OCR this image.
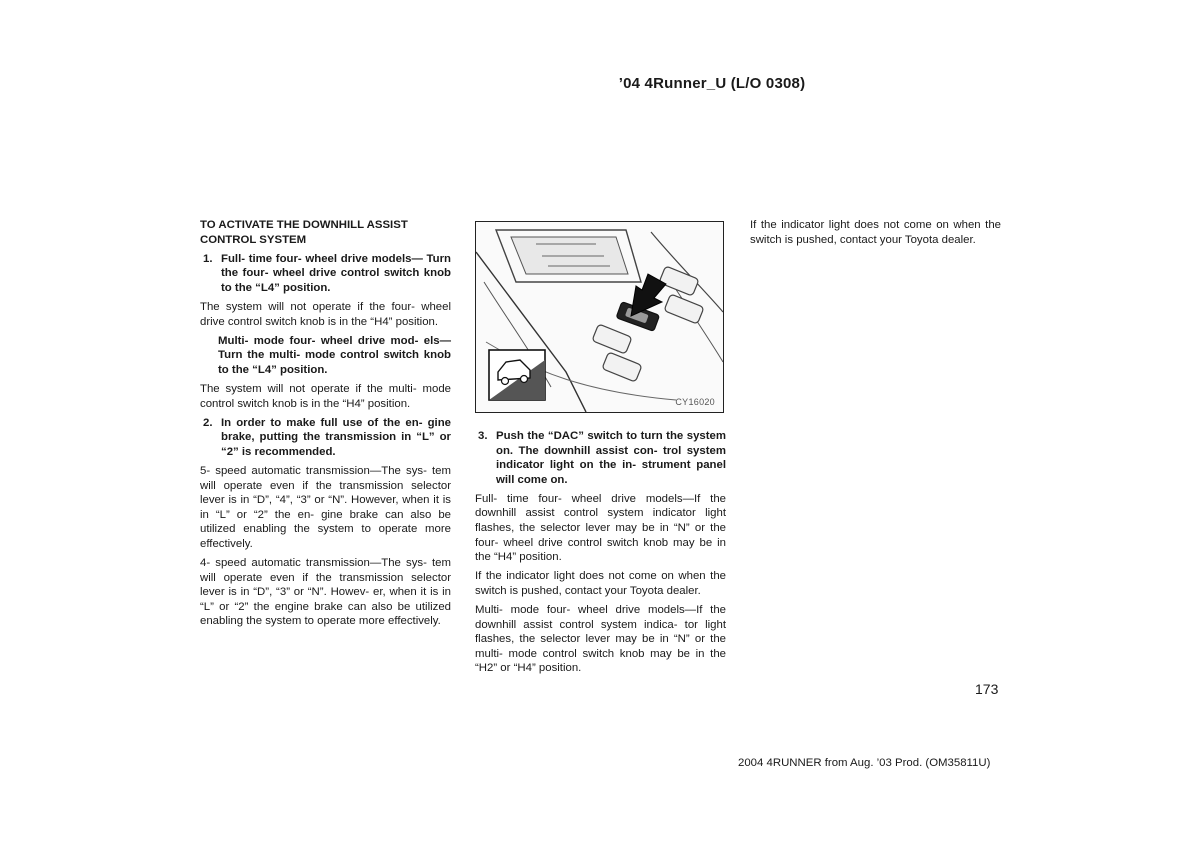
’04 4Runner_U (L/O 0308)
TO ACTIVATE THE DOWNHILL ASSIST CONTROL SYSTEM
1. Full- time four- wheel drive models— Turn the four- wheel drive control switch knob to the “L4” position.

The system will not operate if the four- wheel drive control switch knob is in the “H4” position.

Multi- mode four- wheel drive mod- els—Turn the multi- mode control switch knob to the “L4” position.

The system will not operate if the multi- mode control switch knob is in the “H4” position.

2. In order to make full use of the en- gine brake, putting the transmission in “L” or “2” is recommended.

5- speed automatic transmission—The sys- tem will operate even if the transmission selector lever is in “D”, “4”, “3” or “N”. However, when it is in “L” or “2” the en- gine brake can also be utilized enabling the system to operate more effectively.

4- speed automatic transmission—The sys- tem will operate even if the transmission selector lever is in “D”, “3” or “N”. Howev- er, when it is in “L” or “2” the engine brake can also be utilized enabling the system to operate more effectively.

CY16020
3. Push the “DAC” switch to turn the system on. The downhill assist con- trol system indicator light on the in- strument panel will come on.

Full- time four- wheel drive models—If the downhill assist control system indicator light flashes, the selector lever may be in “N” or the four- wheel drive control switch knob may be in the “H4” position.

If the indicator light does not come on when the switch is pushed, contact your Toyota dealer.

Multi- mode four- wheel drive models—If the downhill assist control system indica- tor light flashes, the selector lever may be in “N” or the multi- mode control switch knob may be in the “H2” or “H4” position.

If the indicator light does not come on when the switch is pushed, contact your Toyota dealer.

173
2004 4RUNNER from Aug. ’03 Prod. (OM35811U)
